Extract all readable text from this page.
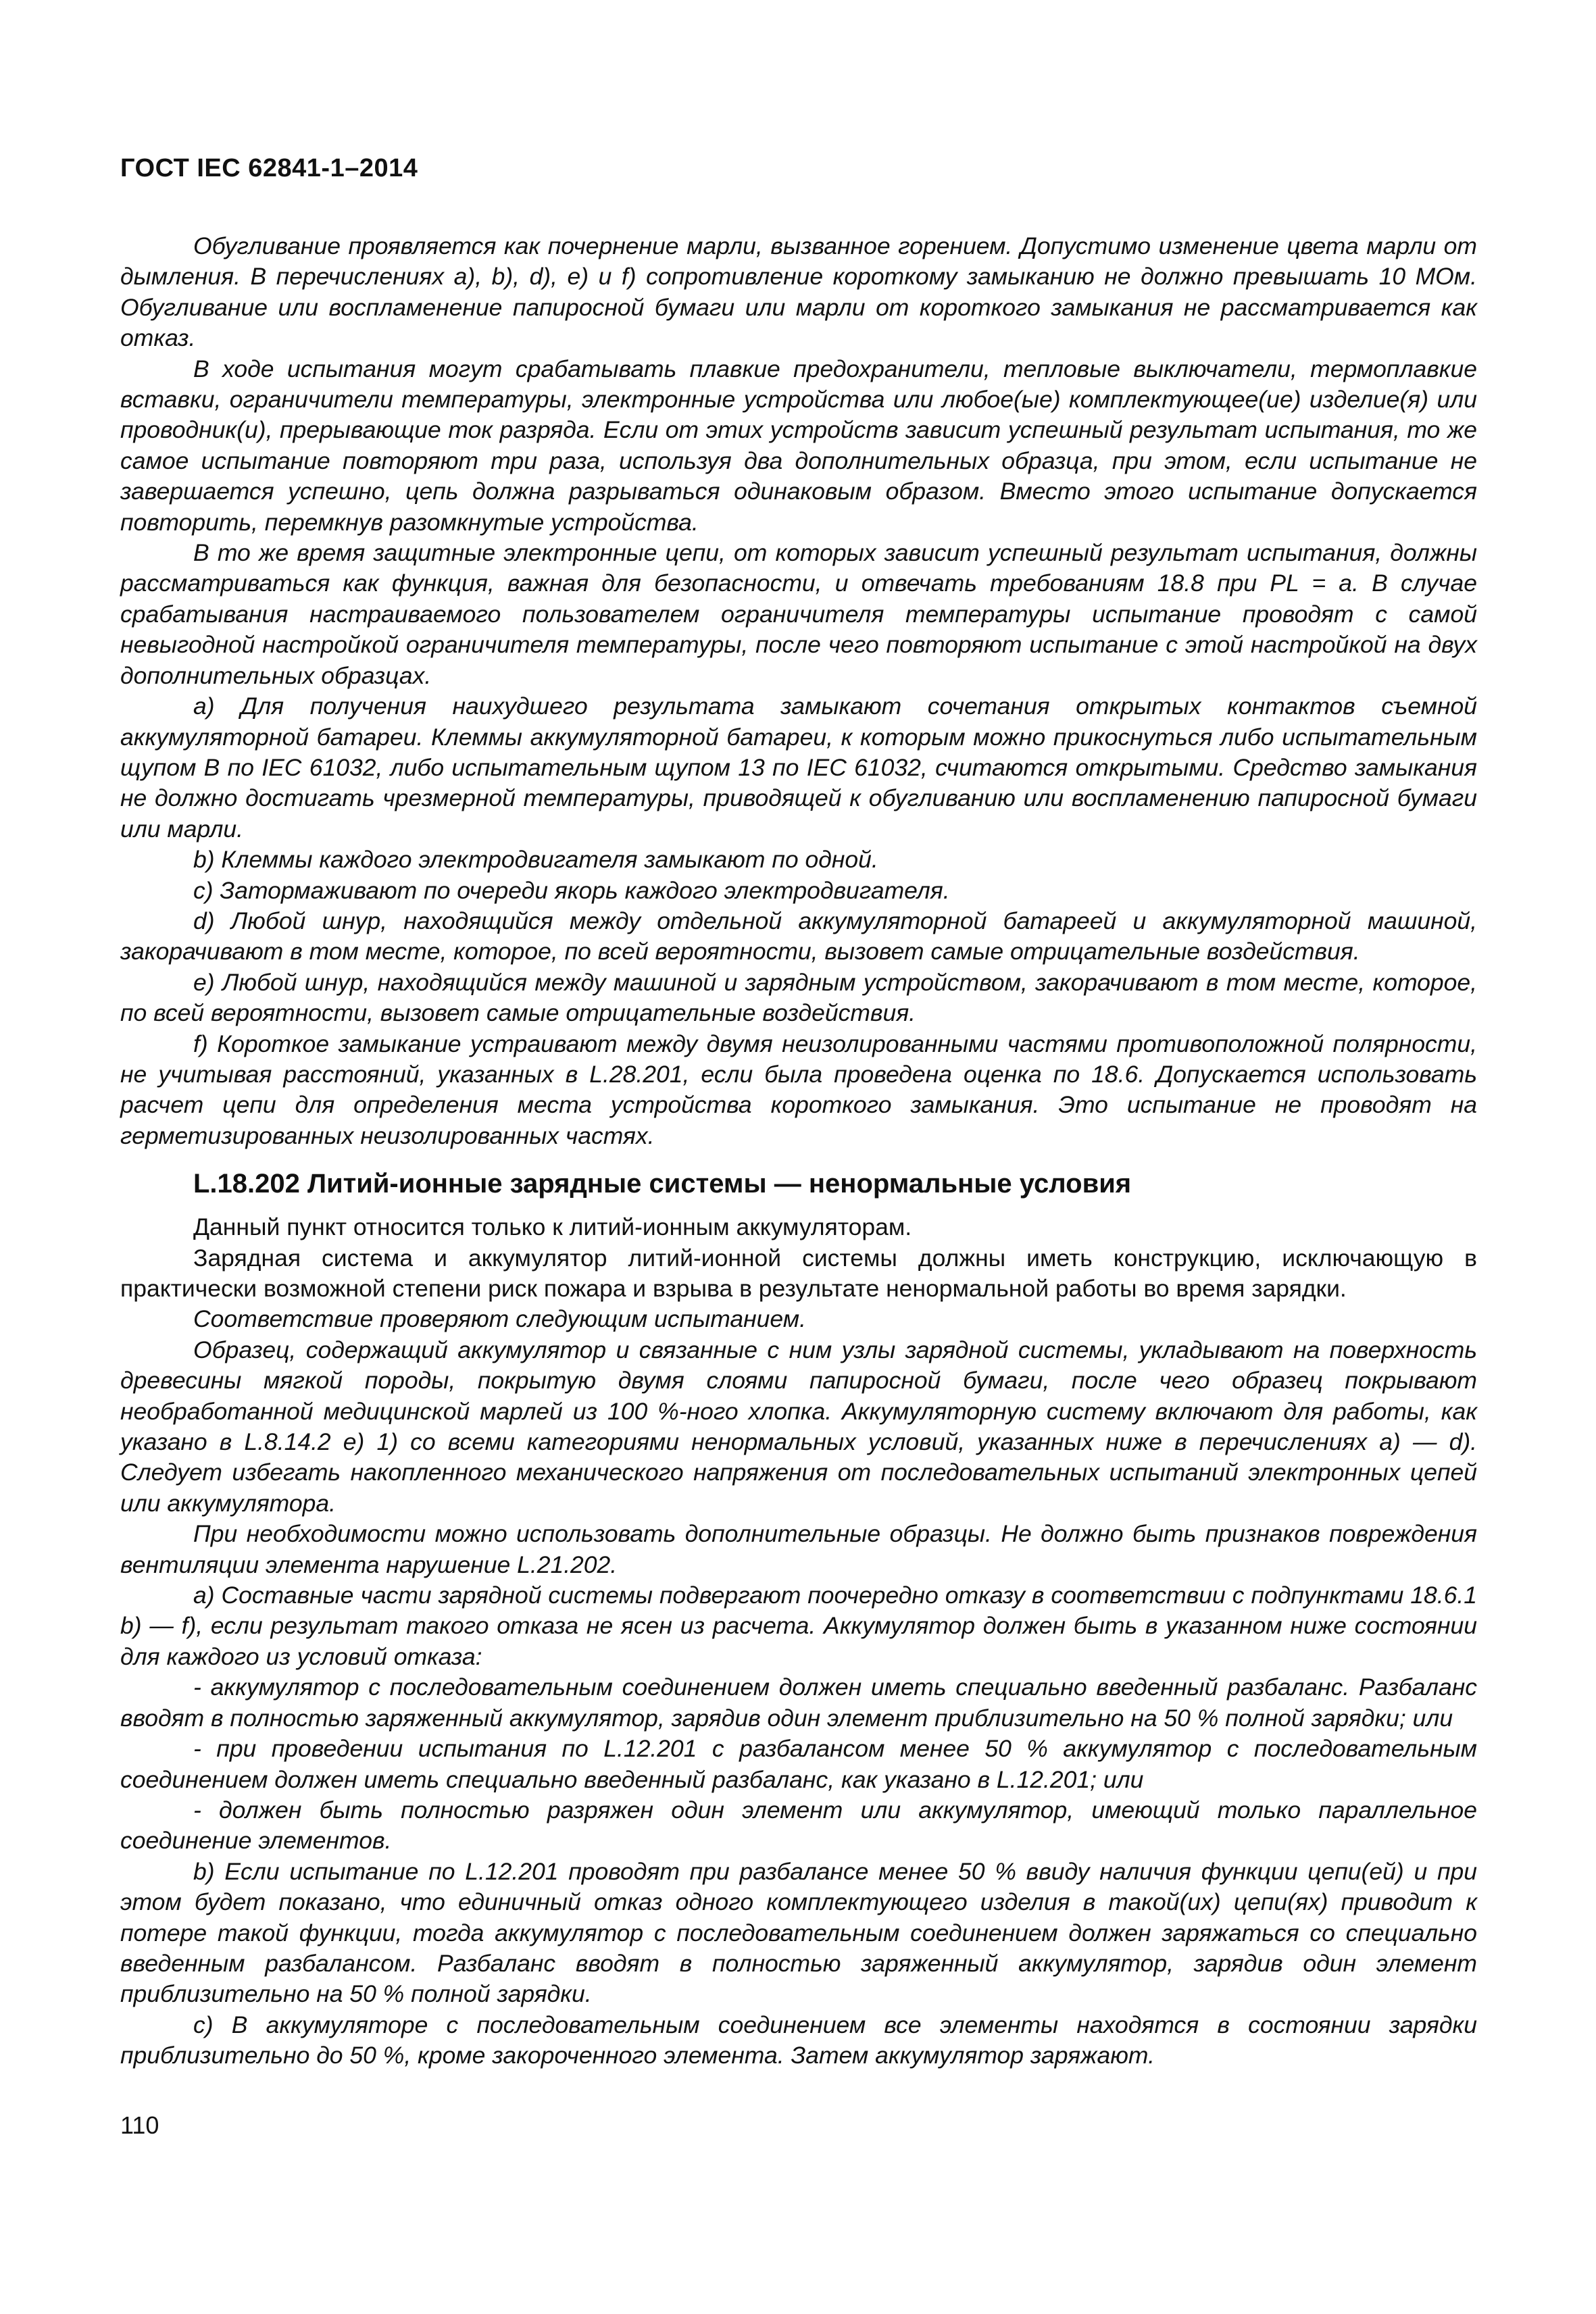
ГОСТ IEC 62841-1–2014

Обугливание проявляется как почернение марли, вызванное горением. Допустимо изменение цвета марли от дымления. В перечислениях а), b), d), e) и f) сопротивление короткому замыканию не должно превышать 10 МОм. Обугливание или воспламенение папиросной бумаги или марли от короткого замыкания не рассматривается как отказ.

В ходе испытания могут срабатывать плавкие предохранители, тепловые выключатели, термоплавкие вставки, ограничители температуры, электронные устройства или любое(ые) комплектующее(ие) изделие(я) или проводник(и), прерывающие ток разряда. Если от этих устройств зависит успешный результат испытания, то же самое испытание повторяют три раза, используя два дополнительных образца, при этом, если испытание не завершается успешно, цепь должна разрываться одинаковым образом. Вместо этого испытание допускается повторить, перемкнув разомкнутые устройства.

В то же время защитные электронные цепи, от которых зависит успешный результат испытания, должны рассматриваться как функция, важная для безопасности, и отвечать требованиям 18.8 при PL = a. В случае срабатывания настраиваемого пользователем ограничителя температуры испытание проводят с самой невыгодной настройкой ограничителя температуры, после чего повторяют испытание с этой настройкой на двух дополнительных образцах.

а) Для получения наихудшего результата замыкают сочетания открытых контактов съемной аккумуляторной батареи. Клеммы аккумуляторной батареи, к которым можно прикоснуться либо испытательным щупом B по IEC 61032, либо испытательным щупом 13 по IEC 61032, считаются открытыми. Средство замыкания не должно достигать чрезмерной температуры, приводящей к обугливанию или воспламенению папиросной бумаги или марли.

b) Клеммы каждого электродвигателя замыкают по одной.

c) Затормаживают по очереди якорь каждого электродвигателя.

d) Любой шнур, находящийся между отдельной аккумуляторной батареей и аккумуляторной машиной, закорачивают в том месте, которое, по всей вероятности, вызовет самые отрицательные воздействия.

e) Любой шнур, находящийся между машиной и зарядным устройством, закорачивают в том месте, которое, по всей вероятности, вызовет самые отрицательные воздействия.

f) Короткое замыкание устраивают между двумя неизолированными частями противоположной полярности, не учитывая расстояний, указанных в L.28.201, если была проведена оценка по 18.6. Допускается использовать расчет цепи для определения места устройства короткого замыкания. Это испытание не проводят на герметизированных неизолированных частях.

L.18.202 Литий-ионные зарядные системы — ненормальные условия

Данный пункт относится только к литий-ионным аккумуляторам.

Зарядная система и аккумулятор литий-ионной системы должны иметь конструкцию, исключающую в практически возможной степени риск пожара и взрыва в результате ненормальной работы во время зарядки.

Соответствие проверяют следующим испытанием.

Образец, содержащий аккумулятор и связанные с ним узлы зарядной системы, укладывают на поверхность древесины мягкой породы, покрытую двумя слоями папиросной бумаги, после чего образец покрывают необработанной медицинской марлей из 100 %-ного хлопка. Аккумуляторную систему включают для работы, как указано в L.8.14.2 e) 1) со всеми категориями ненормальных условий, указанных ниже в перечислениях a) — d). Следует избегать накопленного механического напряжения от последовательных испытаний электронных цепей или аккумулятора.

При необходимости можно использовать дополнительные образцы. Не должно быть признаков повреждения вентиляции элемента нарушение L.21.202.

a) Составные части зарядной системы подвергают поочередно отказу в соответствии с подпунктами 18.6.1 b) — f), если результат такого отказа не ясен из расчета. Аккумулятор должен быть в указанном ниже состоянии для каждого из условий отказа:

- аккумулятор с последовательным соединением должен иметь специально введенный разбаланс. Разбаланс вводят в полностью заряженный аккумулятор, зарядив один элемент приблизительно на 50 % полной зарядки; или

- при проведении испытания по L.12.201 с разбалансом менее 50 % аккумулятор с последовательным соединением должен иметь специально введенный разбаланс, как указано в L.12.201; или

- должен быть полностью разряжен один элемент или аккумулятор, имеющий только параллельное соединение элементов.

b) Если испытание по L.12.201 проводят при разбалансе менее 50 % ввиду наличия функции цепи(ей) и при этом будет показано, что единичный отказ одного комплектующего изделия в такой(их) цепи(ях) приводит к потере такой функции, тогда аккумулятор с последовательным соединением должен заряжаться со специально введенным разбалансом. Разбаланс вводят в полностью заряженный аккумулятор, зарядив один элемент приблизительно на 50 % полной зарядки.

c) В аккумуляторе с последовательным соединением все элементы находятся в состоянии зарядки приблизительно до 50 %, кроме закороченного элемента. Затем аккумулятор заряжают.

110
